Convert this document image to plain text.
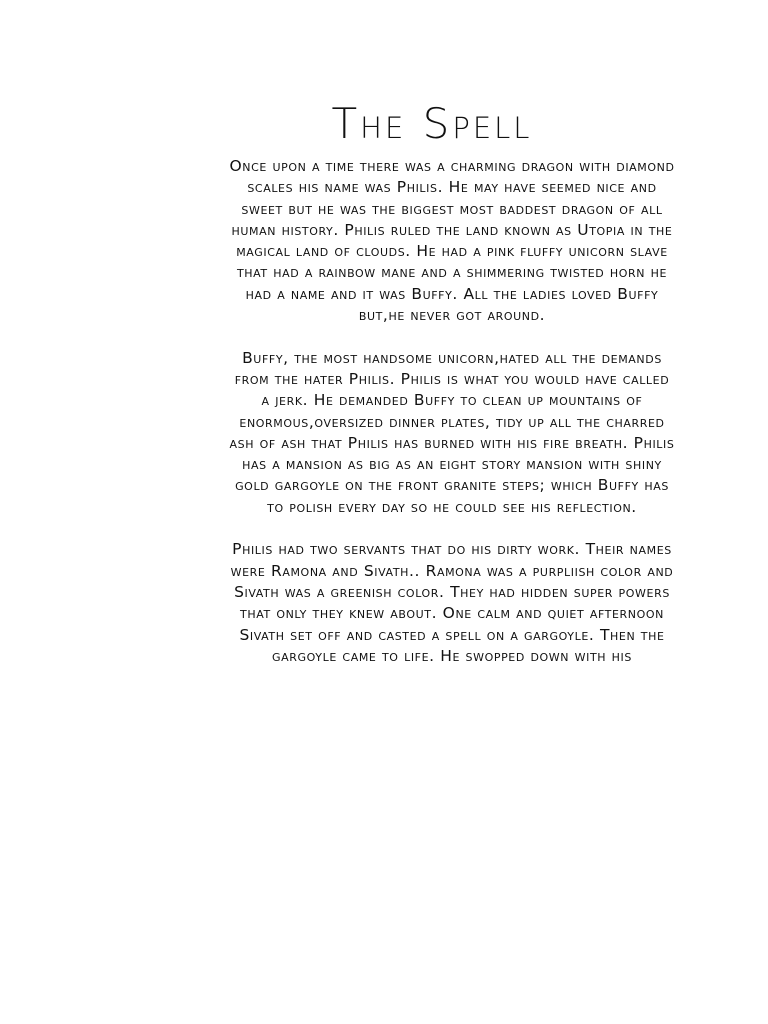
The Spell

Once upon a time there was a charming dragon with diamond scales his name was Philis. He may have seemed nice and sweet but he was the biggest most baddest dragon of all human history. Philis ruled the land known as Utopia in the magical land of clouds. He had a pink fluffy unicorn slave that had a rainbow mane and a shimmering twisted horn he had a name and it was Buffy. All the ladies loved Buffy but,he never got around.

Buffy, the most handsome unicorn,hated all the demands from the hater Philis. Philis is what you would have called a jerk. He demanded Buffy to clean up mountains of enormous,oversized dinner plates, tidy up all the charred ash of ash that Philis has burned with his fire breath. Philis has a mansion as big as an eight story mansion with shiny gold gargoyle on the front granite steps; which Buffy has to polish every day so he could see his reflection.

Philis had two servants that do his dirty work. Their names were Ramona and Sivath.. Ramona was a purpliish color and Sivath was a greenish color. They had hidden super powers that only they knew about. One calm and quiet afternoon Sivath set off and casted a spell on a gargoyle. Then the gargoyle came to life. He swopped down with his
